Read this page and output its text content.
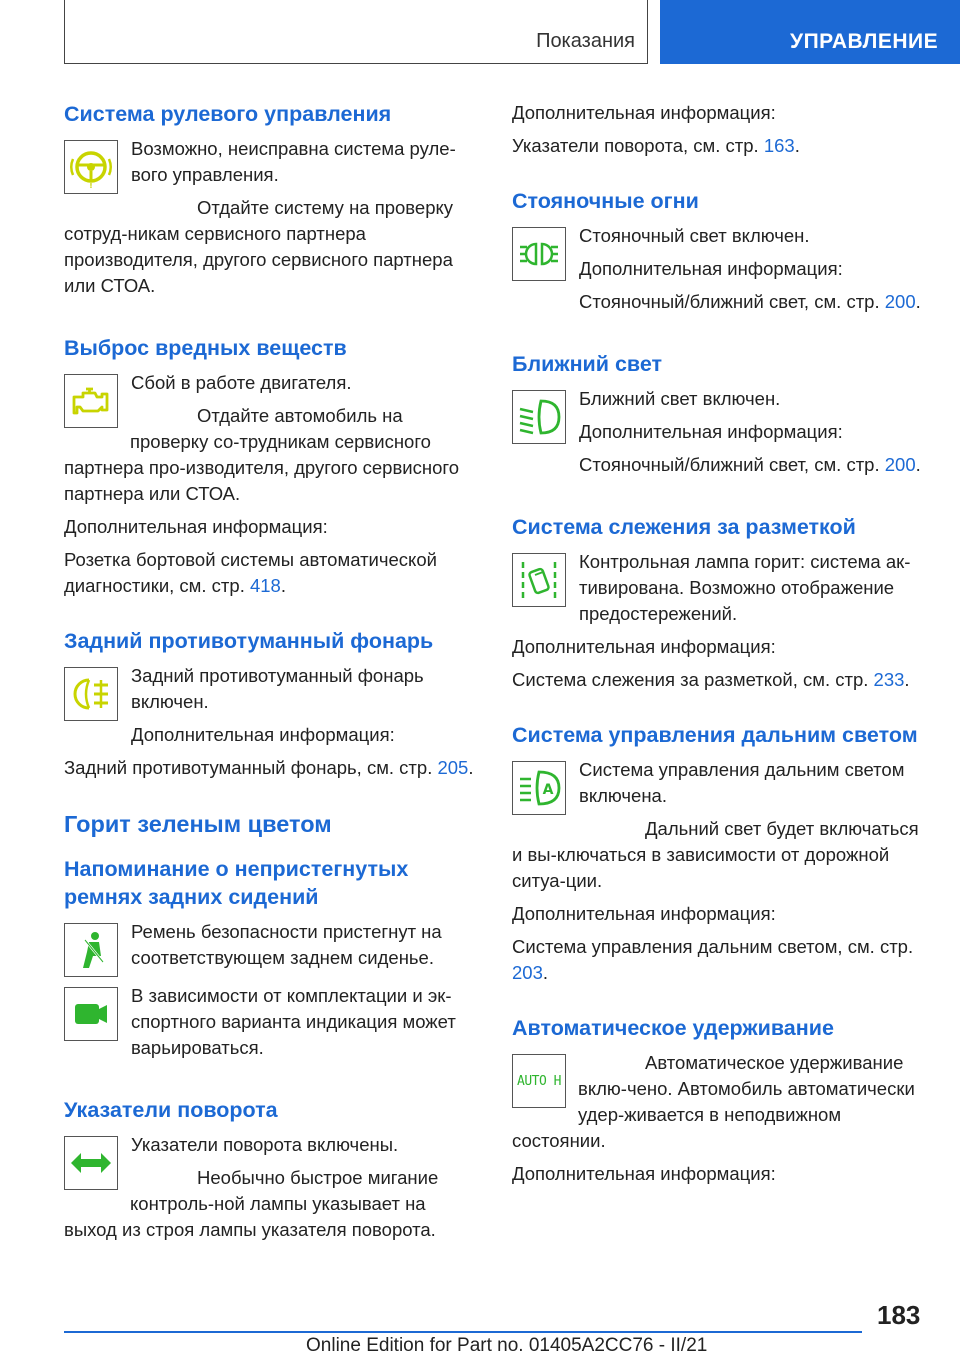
Показания	УПРАВЛЕНИЕ
Система рулевого управления
!

Возможно, неисправна система руле-вого управления.

Отдайте систему на проверку сотруд-никам сервисного партнера производителя, другого сервисного партнера или СТОА.

Выброс вредных веществ

Сбой в работе двигателя.

Отдайте автомобиль на проверку со-трудникам сервисного партнера про-изводителя, другого сервисного партнера или СТОА.

Дополнительная информация:

Розетка бортовой системы автоматической диагностики, см. стр. 418.

Задний противотуманный фонарь

Задний противотуманный фонарь включен.

Дополнительная информация:

Задний противотуманный фонарь, см. стр. 205.

Горит зеленым цветом
Напоминание о непристегнутых ремнях задних сидений

Ремень безопасности пристегнут на соответствующем заднем сиденье.

В зависимости от комплектации и эк-спортного варианта индикация может варьироваться.

Указатели поворота

Указатели поворота включены.

Необычно быстрое мигание контроль-ной лампы указывает на выход из строя лампы указателя поворота.

Дополнительная информация:

Указатели поворота, см. стр. 163.

Стояночные огни

Стояночный свет включен.

Дополнительная информация:

Стояночный/ближний свет, см. стр. 200.

Ближний свет

Ближний свет включен.

Дополнительная информация:

Стояночный/ближний свет, см. стр. 200.

Система слежения за разметкой

Контрольная лампа горит: система ак-тивирована. Возможно отображение предостережений.

Дополнительная информация:

Система слежения за разметкой, см. стр. 233.

Система управления дальним светом
A

Система управления дальним светом включена.

Дальний свет будет включаться и вы-ключаться в зависимости от дорожной ситуа-ции.

Дополнительная информация:

Система управления дальним светом, см. стр. 203.

Автоматическое удерживание
AUTO H

Автоматическое удерживание вклю-чено. Автомобиль автоматически удер-живается в неподвижном состоянии.

Дополнительная информация:

183
Online Edition for Part no. 01405A2CC76 - II/21
